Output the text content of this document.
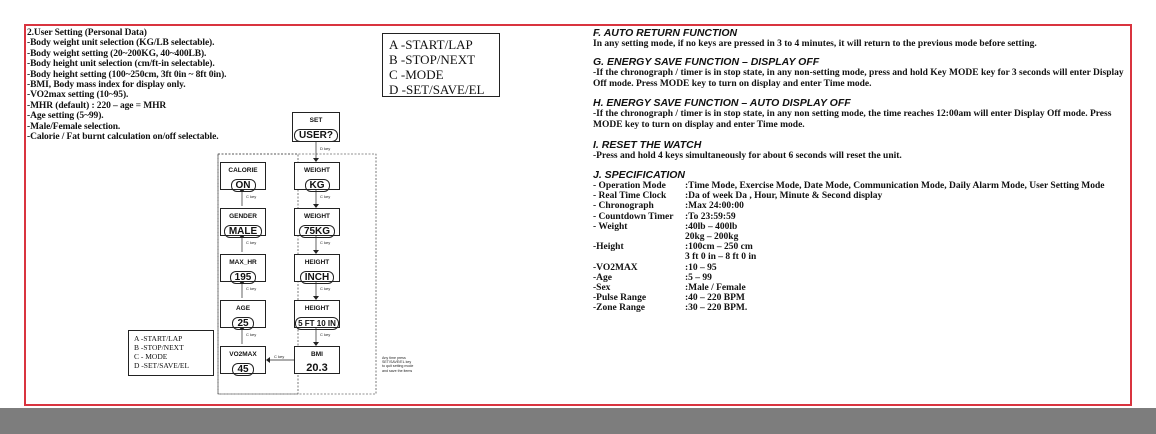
2.User Setting (Personal Data)
-Body weight unit selection (KG/LB selectable).
-Body weight setting (20~200KG, 40~400LB).
-Body height unit selection (cm/ft-in selectable).
-Body height setting (100~250cm, 3ft 0in ~ 8ft 0in).
-BMI, Body mass index for display only.
-VO2max setting (10~95).
-MHR (default) : 220 – age = MHR
-Age setting (5~99).
-Male/Female selection.
-Calorie / Fat burnt calculation on/off selectable.
A -START/LAP
B -STOP/NEXT
C -MODE
D -SET/SAVE/EL
A -START/LAP
B -STOP/NEXT
C - MODE
D -SET/SAVE/EL
SET
USER?
CALORIE
ON
WEIGHT
KG
GENDER
MALE
WEIGHT
75KG
MAX_HR
195
HEIGHT
INCH
AGE
25
HEIGHT
5 FT 10 IN
VO2MAX
45
BMI
20.3
D key
C key
C key
C key
C key
C key
C key
C key
C key
C key	Any time press
SET/SAVE/EL key
to quit setting mode
and save the items
F. AUTO RETURN FUNCTION
In any setting mode, if no keys are pressed in 3 to 4 minutes, it will return to the previous mode before setting.
G. ENERGY SAVE FUNCTION – DISPLAY OFF
-If the chronograph / timer is in stop state, in any non-setting mode, press and hold Key MODE key for 3 seconds will enter Display
Off mode. Press MODE key to turn on display and enter Time mode.
H. ENERGY SAVE FUNCTION – AUTO DISPLAY OFF
-If the chronograph / timer is in stop state, in any non setting mode, the time reaches 12:00am will enter Display Off mode. Press
MODE key to turn on display and enter Time mode.
I. RESET THE WATCH
-Press and hold 4 keys simultaneously for about 6 seconds will reset the unit.
J. SPECIFICATION
- Operation Mode	:Time Mode, Exercise Mode, Date Mode, Communication Mode, Daily Alarm Mode, User Setting Mode
- Real Time Clock	:Da of week Da , Hour, Minute & Second display
- Chronograph	:Max 24:00:00
- Countdown Timer	:To 23:59:59
- Weight	:40lb – 400lb
	20kg – 200kg
-Height	:100cm – 250 cm
	3 ft 0 in – 8 ft 0 in
-VO2MAX	:10 – 95
-Age	:5 – 99
-Sex	:Male / Female
-Pulse Range	:40 – 220 BPM
-Zone Range	:30 – 220 BPM.
